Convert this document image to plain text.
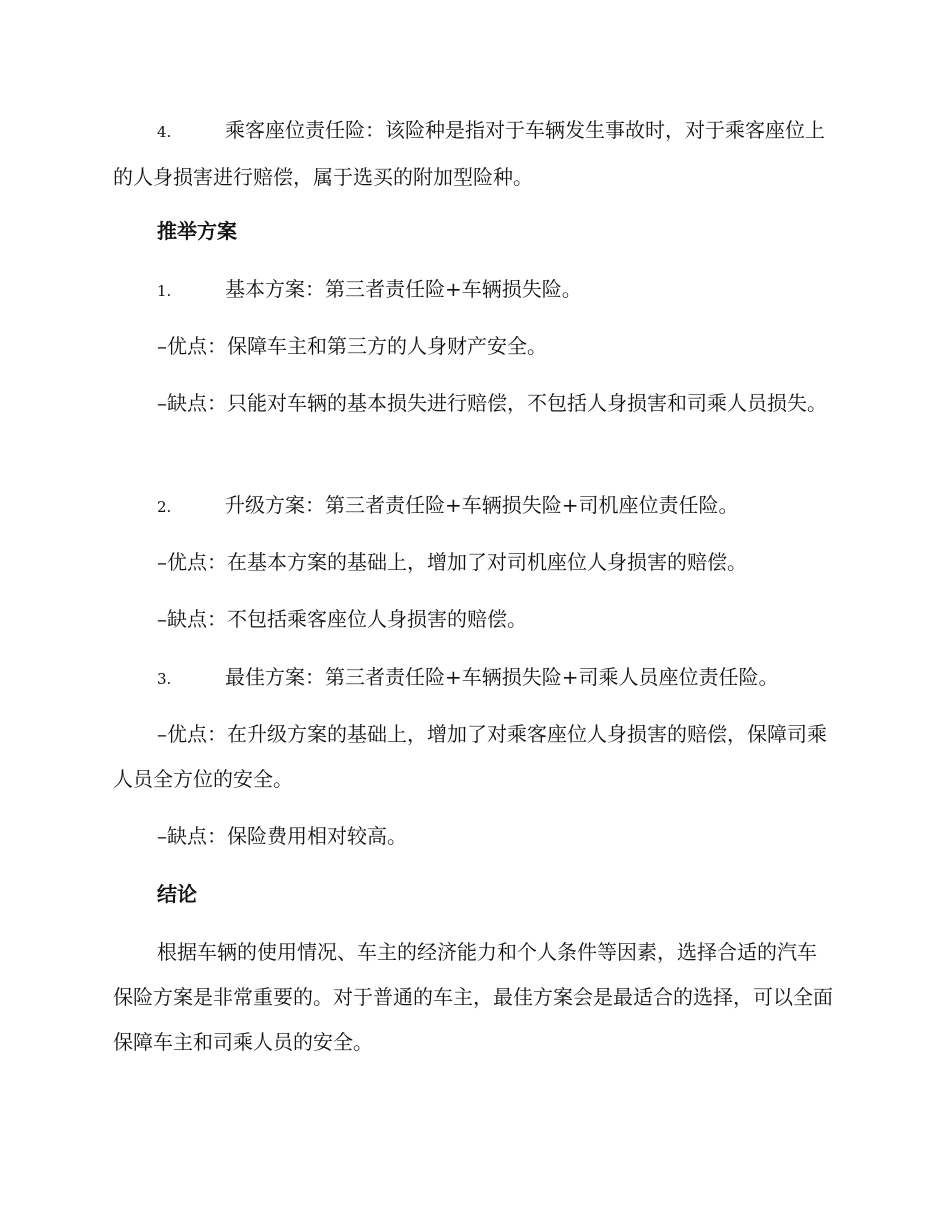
4.	乘客座位责任险：该险种是指对于车辆发生事故时，对于乘客座位上的人身损害进行赔偿，属于选买的附加型险种。

推举方案

1.	基本方案：第三者责任险+车辆损失险。

–优点：保障车主和第三方的人身财产安全。

–缺点：只能对车辆的基本损失进行赔偿，不包括人身损害和司乘人员损失。

2.	升级方案：第三者责任险+车辆损失险+司机座位责任险。

–优点：在基本方案的基础上，增加了对司机座位人身损害的赔偿。

–缺点：不包括乘客座位人身损害的赔偿。

3.	最佳方案：第三者责任险+车辆损失险+司乘人员座位责任险。

–优点：在升级方案的基础上，增加了对乘客座位人身损害的赔偿，保障司乘人员全方位的安全。

–缺点：保险费用相对较高。

结论

根据车辆的使用情况、车主的经济能力和个人条件等因素，选择合适的汽车保险方案是非常重要的。对于普通的车主，最佳方案会是最适合的选择，可以全面保障车主和司乘人员的安全。
